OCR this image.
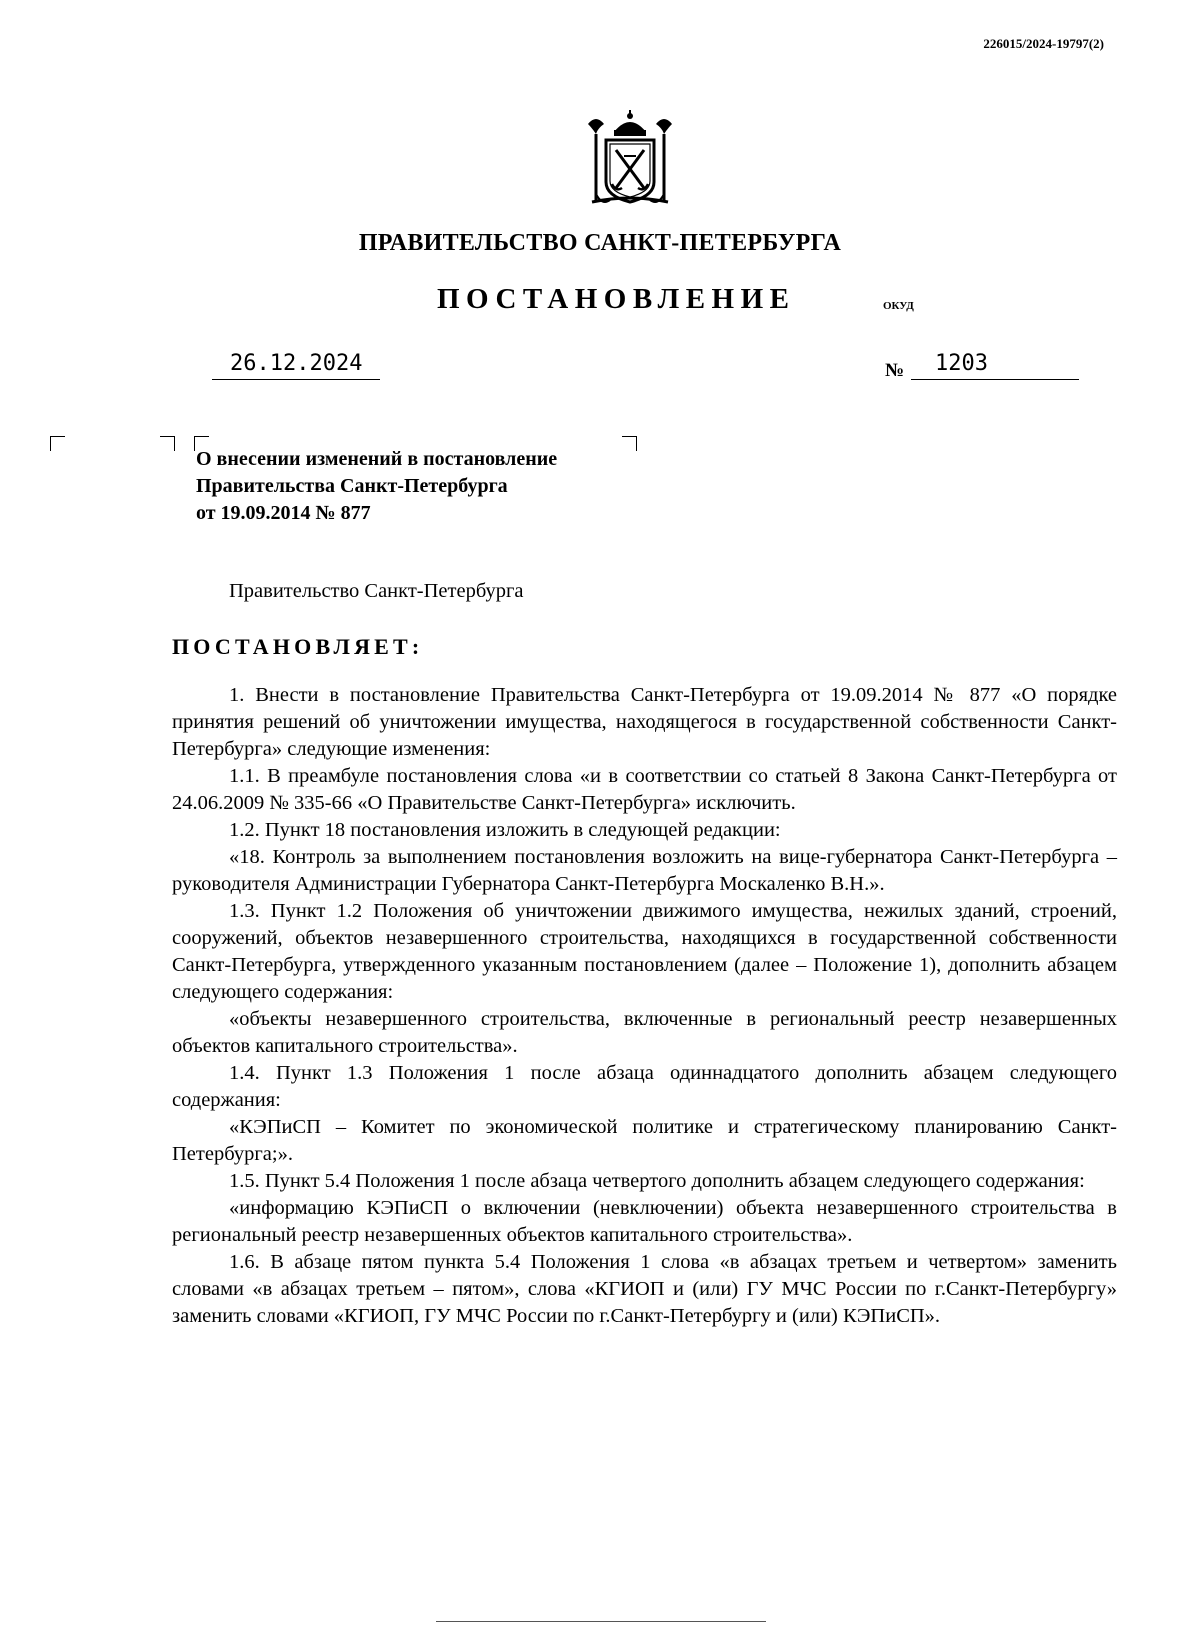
226015/2024-19797(2)
ПРАВИТЕЛЬСТВО САНКТ-ПЕТЕРБУРГА
ПОСТАНОВЛЕНИЕ	ОКУД
26.12.2024	№	1203
О внесении изменений в постановление
Правительства Санкт-Петербурга
от 19.09.2014 № 877
Правительство Санкт-Петербурга
ПОСТАНОВЛЯЕТ:

1. Внести в постановление Правительства Санкт-Петербурга от 19.09.2014 № 877 «О порядке принятия решений об уничтожении имущества, находящегося в государственной собственности Санкт-Петербурга» следующие изменения:

1.1. В преамбуле постановления слова «и в соответствии со статьей 8 Закона Санкт-Петербурга от 24.06.2009 № 335-66 «О Правительстве Санкт-Петербурга» исключить.

1.2. Пункт 18 постановления изложить в следующей редакции:

«18. Контроль за выполнением постановления возложить на вице-губернатора Санкт-Петербурга – руководителя Администрации Губернатора Санкт-Петербурга Москаленко В.Н.».

1.3. Пункт 1.2 Положения об уничтожении движимого имущества, нежилых зданий, строений, сооружений, объектов незавершенного строительства, находящихся в государственной собственности Санкт-Петербурга, утвержденного указанным постановлением (далее – Положение 1), дополнить абзацем следующего содержания:

«объекты незавершенного строительства, включенные в региональный реестр незавершенных объектов капитального строительства».

1.4. Пункт 1.3 Положения 1 после абзаца одиннадцатого дополнить абзацем следующего содержания:

«КЭПиСП – Комитет по экономической политике и стратегическому планированию Санкт-Петербурга;».

1.5. Пункт 5.4 Положения 1 после абзаца четвертого дополнить абзацем следующего содержания:

«информацию КЭПиСП о включении (невключении) объекта незавершенного строительства в региональный реестр незавершенных объектов капитального строительства».

1.6. В абзаце пятом пункта 5.4 Положения 1 слова «в абзацах третьем и четвертом» заменить словами «в абзацах третьем – пятом», слова «КГИОП и (или) ГУ МЧС России по г.Санкт-Петербургу» заменить словами «КГИОП, ГУ МЧС России по г.Санкт-Петербургу и (или) КЭПиСП».
